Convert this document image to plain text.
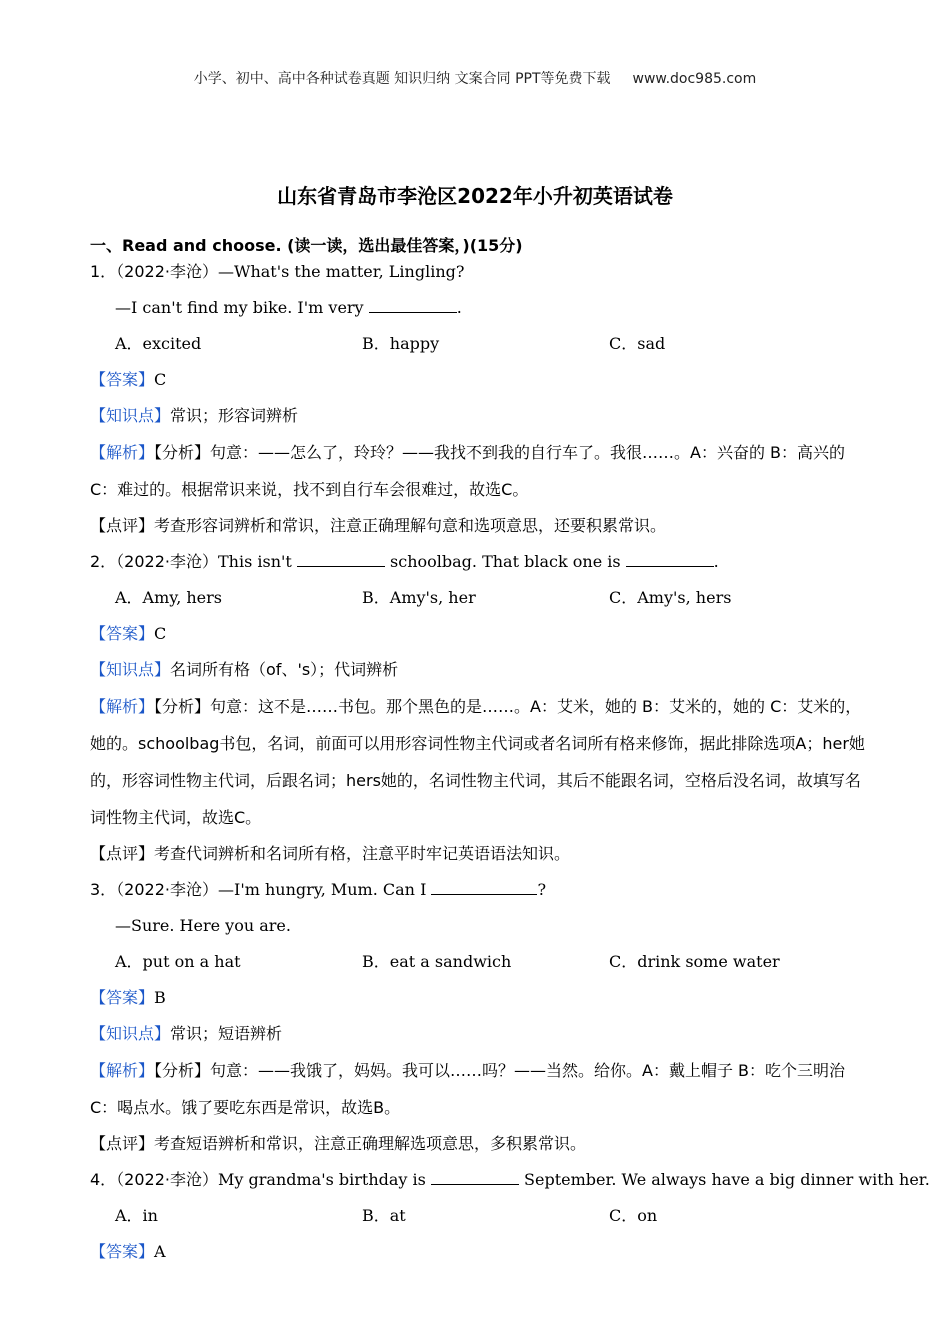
小学、初中、高中各种试卷真题 知识归纳 文案合同 PPT等免费下载 www.doc985.com
山东省青岛市李沧区2022年小升初英语试卷
一、Read and choose. (读一读，选出最佳答案，)(15分)
1．（2022·李沧）—What's the matter, Lingling?
—I can't find my bike. I'm very	.
A．excited	B．happy	C．sad
【答案】C
【知识点】常识；形容词辨析
【解析】【分析】句意：——怎么了，玲玲？——我找不到我的自行车了。我很……。A：兴奋的 B：高兴的 C：难过的。根据常识来说，找不到自行车会很难过，故选C。
【点评】考查形容词辨析和常识，注意正确理解句意和选项意思，还要积累常识。
2．（2022·李沧）This isn't	schoolbag. That black one is	.
A．Amy, hers	B．Amy's, her	C．Amy's, hers
【答案】C
【知识点】名词所有格（of、's）；代词辨析
【解析】【分析】句意：这不是……书包。那个黑色的是……。A：艾米，她的 B：艾米的，她的 C：艾米的，她的。schoolbag书包，名词，前面可以用形容词性物主代词或者名词所有格来修饰，据此排除选项A；her她的，形容词性物主代词，后跟名词；hers她的，名词性物主代词，其后不能跟名词，空格后没名词，故填写名词性物主代词，故选C。
【点评】考查代词辨析和名词所有格，注意平时牢记英语语法知识。
3．（2022·李沧）—I'm hungry, Mum. Can I	?
—Sure. Here you are.
A．put on a hat	B．eat a sandwich	C．drink some water
【答案】B
【知识点】常识；短语辨析
【解析】【分析】句意：——我饿了，妈妈。我可以……吗？——当然。给你。A：戴上帽子 B：吃个三明治 C：喝点水。饿了要吃东西是常识，故选B。
【点评】考查短语辨析和常识，注意正确理解选项意思，多积累常识。
4．（2022·李沧）My grandma's birthday is	September. We always have a big dinner with her.
A．in	B．at	C．on
【答案】A
